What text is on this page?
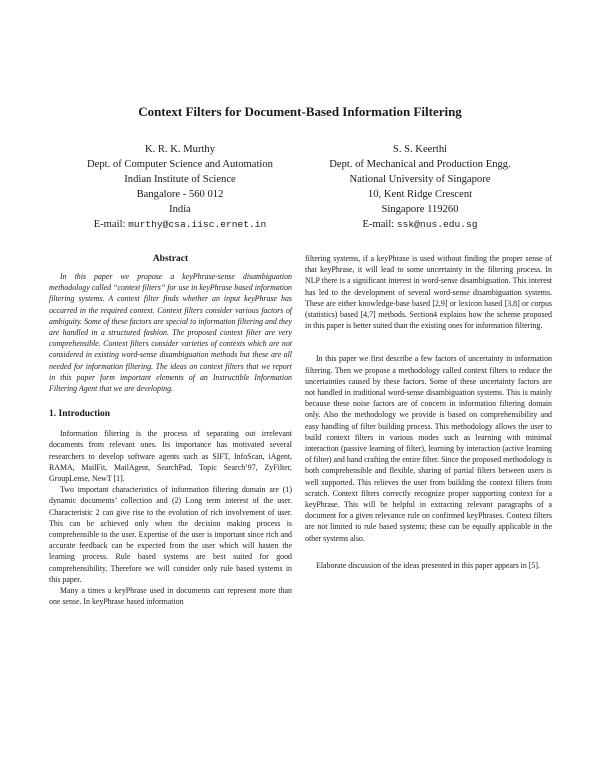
Context Filters for Document-Based Information Filtering
K. R. K. Murthy
Dept. of Computer Science and Automation
Indian Institute of Science
Bangalore - 560 012
India
E-mail: murthy@csa.iisc.ernet.in
S. S. Keerthi
Dept. of Mechanical and Production Engg.
National University of Singapore
10, Kent Ridge Crescent
Singapore 119260
E-mail: ssk@nus.edu.sg
Abstract

In this paper we propose a keyPhrase-sense disambiguation methodology called “context filters” for use in keyPhrase based information filtering systems. A context filter finds whether an input keyPhrase has occurred in the required context. Context filters consider various factors of ambiguity. Some of these factors are special to information filtering and they are handled in a structured fashion. The proposed context filter are very comprehensible. Context filters consider varieties of contexts which are not considered in existing word-sense disambiguation methods but these are all needed for information filtering. The ideas on context filters that we report in this paper form important elements of an Instructible Information Filtering Agent that we are developing.

1. Introduction

Information filtering is the process of separating out irrelevant documents from relevant ones. Its importance has motivated several researchers to develop software agents such as SIFT, InfoScan, iAgent, RAMA, MailFit, MailAgent, SearchPad, Topic Search’97, ZyFilter, GroupLense, NewT [1].

Two important characteristics of information filtering domain are (1) dynamic documents’ collection and (2) Long term interest of the user. Characteristic 2 can give rise to the evolution of rich involvement of user. This can be achieved only when the decision making process is comprehensible to the user. Expertise of the user is important since rich and accurate feedback can be expected from the user which will hasten the learning process. Rule based systems are best suited for good comprehensibility. Therefore we will consider only rule based systems in this paper.

Many a times a keyPhrase used in documents can represent more than one sense. In keyPhrase based information

filtering systems, if a keyPhrase is used without finding the proper sense of that keyPhrase, it will lead to some uncertainty in the filtering process. In NLP there is a significant interest in word-sense disambiguation. This interest has led to the development of several word-sense disambiguation systems. These are either knowledge-base based [2,9] or lexicon based [3,8] or corpus (statistics) based [4,7] methods. Section4 explains how the scheme proposed in this paper is better suited than the existing ones for information filtering.

In this paper we first describe a few factors of uncertainty in information filtering. Then we propose a methodology called context filters to reduce the uncertainties caused by these factors. Some of these uncertainty factors are not handled in traditional word-sense disambiguation systems. This is mainly because these noise factors are of concern in information filtering domain only. Also the methodology we provide is based on comprehensibility and easy handling of filter building process. This methodology allows the user to build context filters in various modes such as learning with minimal interaction (passive learning of filter), learning by interaction (active learning of filter) and hand crafting the entire filter. Since the proposed methodology is both comprehensible and flexible, sharing of partial filters between users is well supported. This relieves the user from building the context filters from scratch. Context filters correctly recognize proper supporting context for a keyPhrase. This will be helpful in extracting relevant paragraphs of a document for a given relevance rule on confirmed keyPhrases. Context filters are not limited to rule based systems; these can be equally applicable in the other systems also.

Elaborate discussion of the ideas presented in this paper appears in [5].
